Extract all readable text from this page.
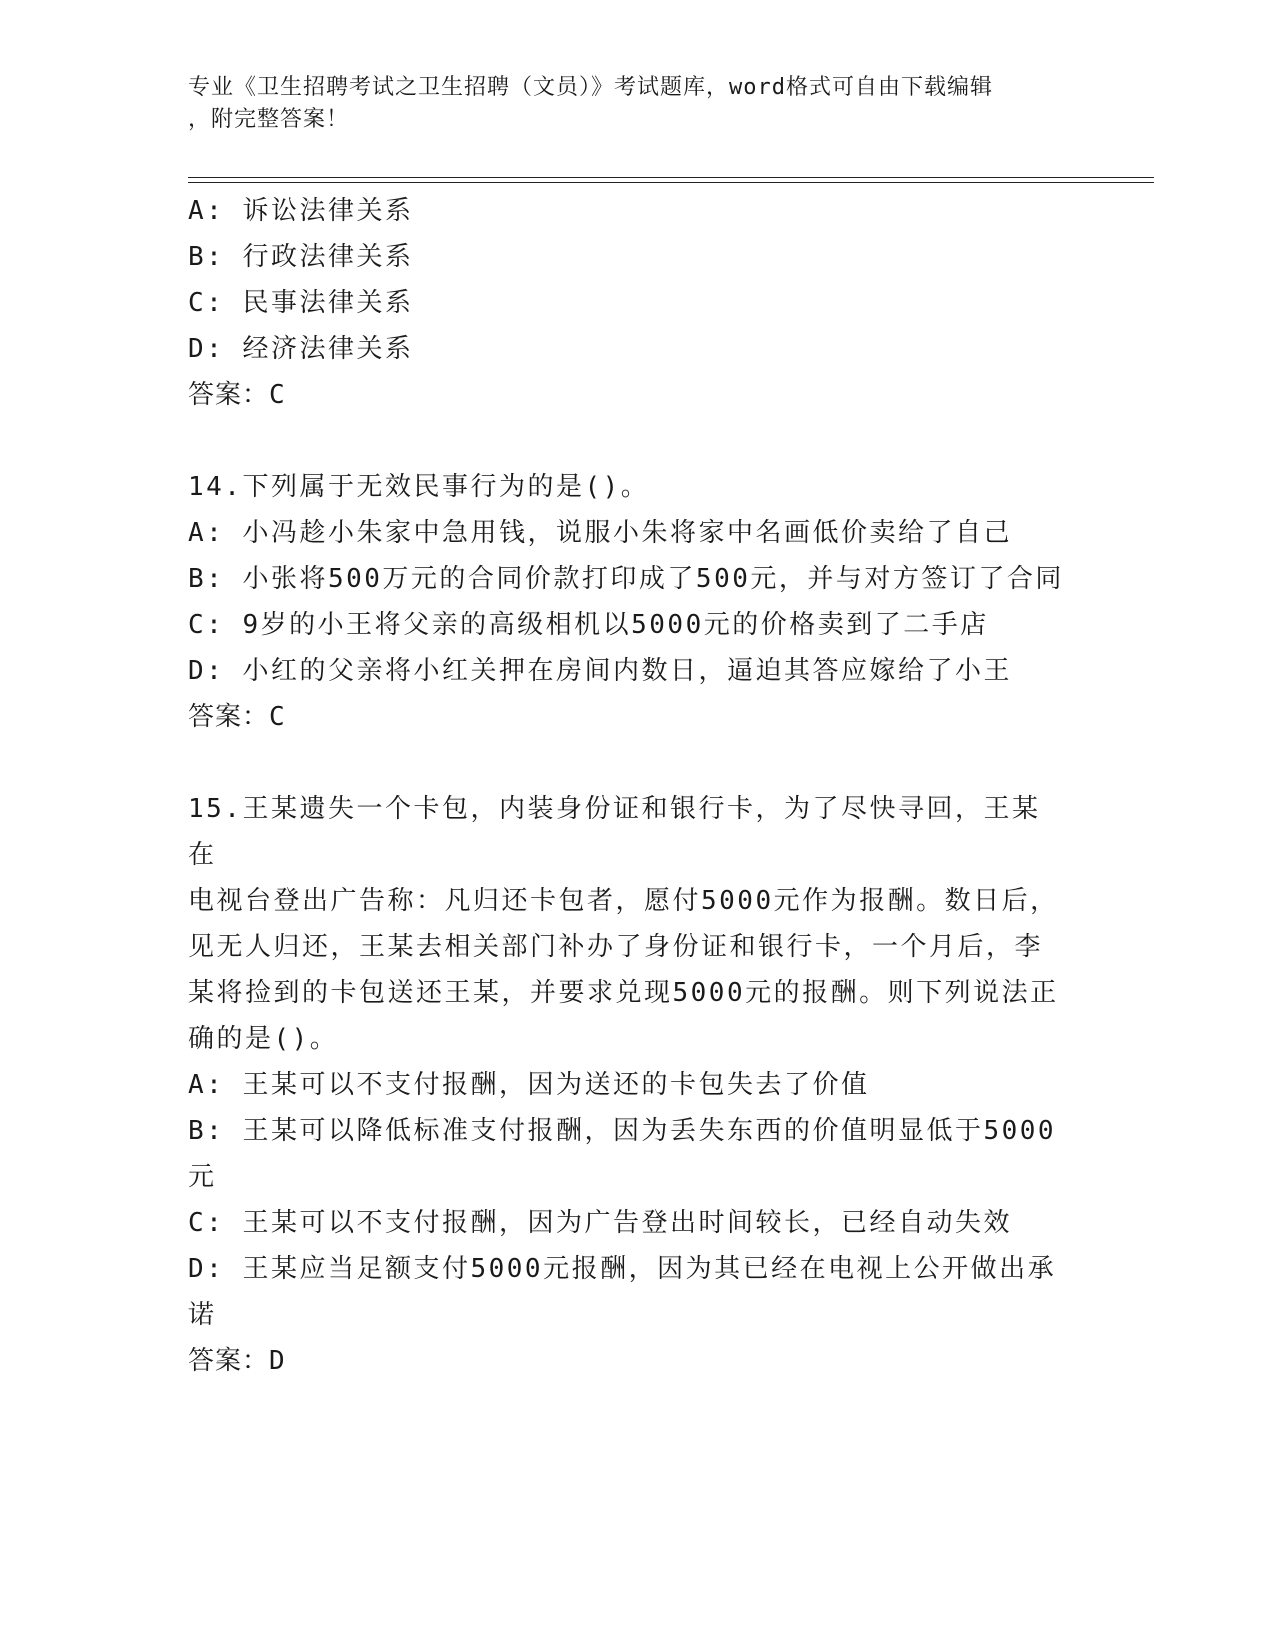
专业《卫生招聘考试之卫生招聘（文员）》考试题库，word格式可自由下载编辑
，附完整答案！
A: 诉讼法律关系
B: 行政法律关系
C: 民事法律关系
D: 经济法律关系
答案：C
14.下列属于无效民事行为的是()。
A: 小冯趁小朱家中急用钱，说服小朱将家中名画低价卖给了自己
B: 小张将500万元的合同价款打印成了500元，并与对方签订了合同
C: 9岁的小王将父亲的高级相机以5000元的价格卖到了二手店
D: 小红的父亲将小红关押在房间内数日，逼迫其答应嫁给了小王
答案：C
15.王某遗失一个卡包，内装身份证和银行卡，为了尽快寻回，王某在
电视台登出广告称：凡归还卡包者，愿付5000元作为报酬。数日后，
见无人归还，王某去相关部门补办了身份证和银行卡，一个月后，李
某将捡到的卡包送还王某，并要求兑现5000元的报酬。则下列说法正
确的是()。
A: 王某可以不支付报酬，因为送还的卡包失去了价值
B: 王某可以降低标准支付报酬，因为丢失东西的价值明显低于5000
元
C: 王某可以不支付报酬，因为广告登出时间较长，已经自动失效
D: 王某应当足额支付5000元报酬，因为其已经在电视上公开做出承
诺
答案：D
